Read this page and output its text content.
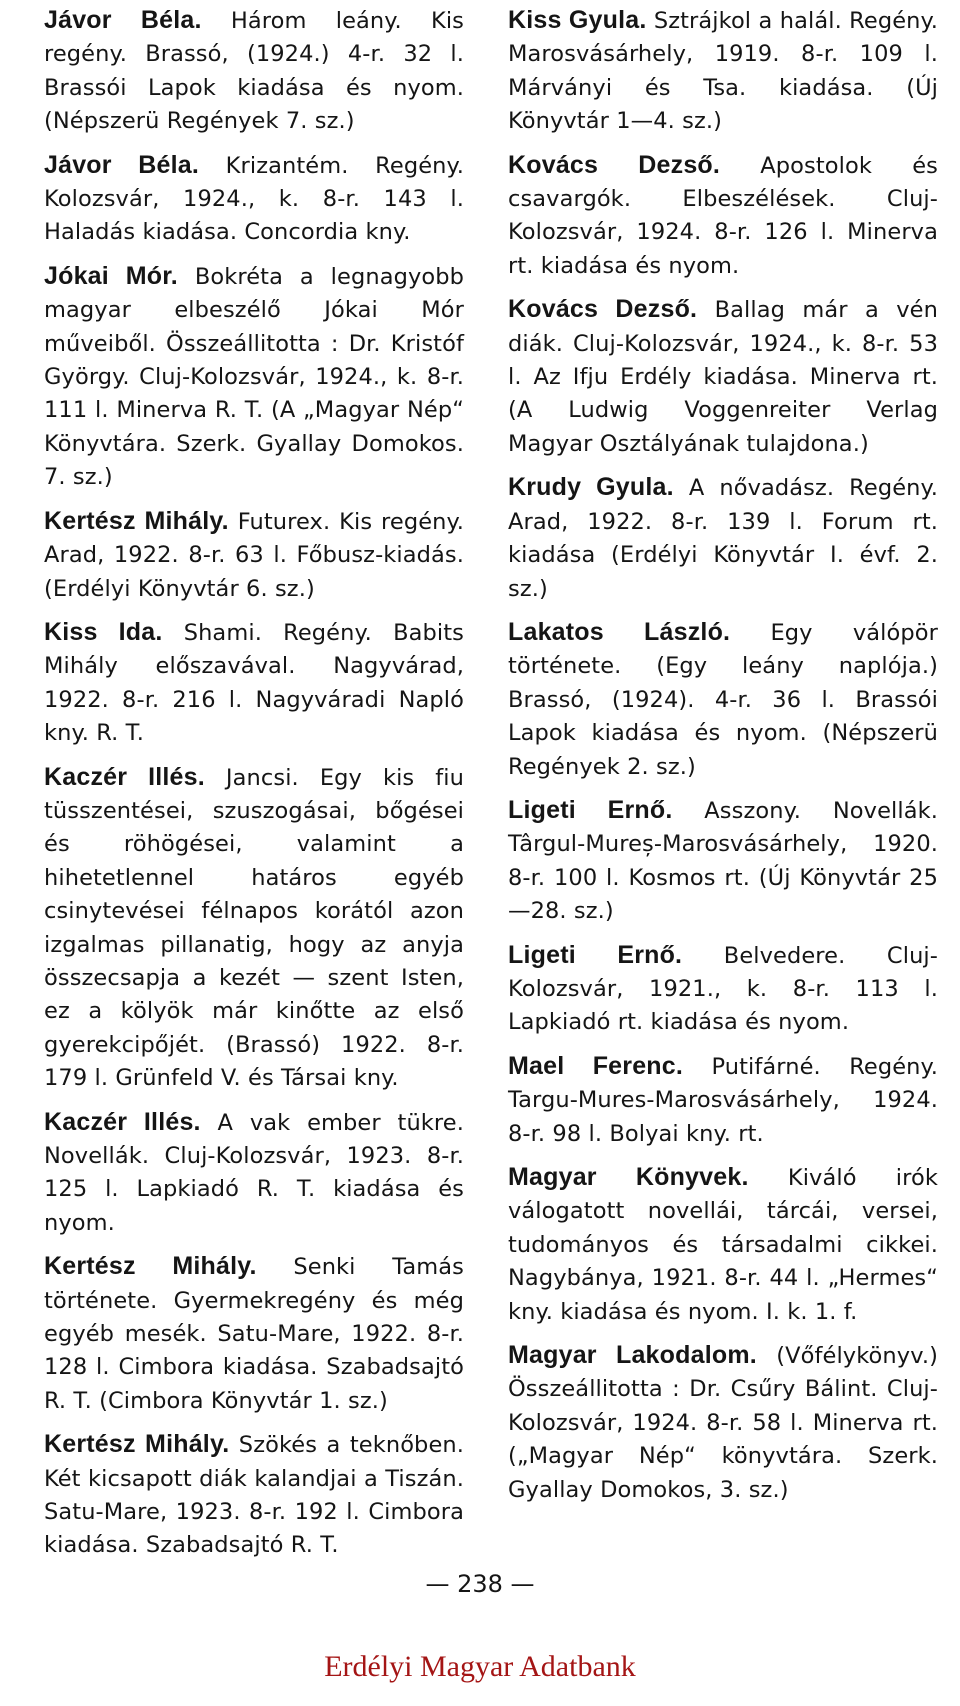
Jávor Béla. Három leány. Kis regény. Brassó, (1924.) 4-r. 32 l. Brassói Lapok kiadása és nyom. (Népszerü Regények 7. sz.)

Jávor Béla. Krizantém. Regény. Kolozsvár, 1924., k. 8-r. 143 l. Haladás kiadása. Concordia kny.

Jókai Mór. Bokréta a legnagyobb magyar elbeszélő Jókai Mór műveiből. Összeállitotta : Dr. Kristóf György. Cluj-Kolozsvár, 1924., k. 8-r. 111 l. Minerva R. T. (A „Magyar Nép“ Könyvtára. Szerk. Gyallay Domokos. 7. sz.)

Kertész Mihály. Futurex. Kis regény. Arad, 1922. 8-r. 63 l. Főbusz-kiadás. (Erdélyi Könyvtár 6. sz.)

Kiss Ida. Shami. Regény. Babits Mihály előszavával. Nagyvárad, 1922. 8-r. 216 l. Nagyváradi Napló kny. R. T.

Kaczér Illés. Jancsi. Egy kis fiu tüsszentései, szuszogásai, bőgései és röhögései, valamint a hihetetlennel határos egyéb csinytevései félnapos korától azon izgalmas pillanatig, hogy az anyja összecsapja a kezét — szent Isten, ez a kölyök már kinőtte az első gyerekcipőjét. (Brassó) 1922. 8-r. 179 l. Grünfeld V. és Társai kny.

Kaczér Illés. A vak ember tükre. Novellák. Cluj-Kolozsvár, 1923. 8-r. 125 l. Lapkiadó R. T. kiadása és nyom.

Kertész Mihály. Senki Tamás története. Gyermekregény és még egyéb mesék. Satu-Mare, 1922. 8-r. 128 l. Cimbora kiadása. Szabadsajtó R. T. (Cimbora Könyvtár 1. sz.)

Kertész Mihály. Szökés a teknőben. Két kicsapott diák kalandjai a Tiszán. Satu-Mare, 1923. 8-r. 192 l. Cimbora kiadása. Szabadsajtó R. T.

Kiss Gyula. Sztrájkol a halál. Regény. Marosvásárhely, 1919. 8-r. 109 l. Márványi és Tsa. kiadása. (Új Könyvtár 1—4. sz.)

Kovács Dezső. Apostolok és csavargók. Elbeszélések. Cluj-Kolozsvár, 1924. 8-r. 126 l. Minerva rt. kiadása és nyom.

Kovács Dezső. Ballag már a vén diák. Cluj-Kolozsvár, 1924., k. 8-r. 53 l. Az Ifju Erdély kiadása. Minerva rt. (A Ludwig Voggenreiter Verlag Magyar Osztályának tulajdona.)

Krudy Gyula. A nővadász. Regény. Arad, 1922. 8-r. 139 l. Forum rt. kiadása (Erdélyi Könyvtár I. évf. 2. sz.)

Lakatos László. Egy válópör története. (Egy leány naplója.) Brassó, (1924). 4-r. 36 l. Brassói Lapok kiadása és nyom. (Népszerü Regények 2. sz.)

Ligeti Ernő. Asszony. Novellák. Târgul-Mureș-Marosvásárhely, 1920. 8-r. 100 l. Kosmos rt. (Új Könyvtár 25—28. sz.)

Ligeti Ernő. Belvedere. Cluj-Kolozsvár, 1921., k. 8-r. 113 l. Lapkiadó rt. kiadása és nyom.

Mael Ferenc. Putifárné. Regény. Targu-Mures-Marosvásárhely, 1924. 8-r. 98 l. Bolyai kny. rt.

Magyar Könyvek. Kiváló irók válogatott novellái, tárcái, versei, tudományos és társadalmi cikkei. Nagybánya, 1921. 8-r. 44 l. „Hermes“ kny. kiadása és nyom. I. k. 1. f.

Magyar Lakodalom. (Vőfélykönyv.) Összeállitotta : Dr. Csűry Bálint. Cluj-Kolozsvár, 1924. 8-r. 58 l. Minerva rt. („Magyar Nép“ könyvtára. Szerk. Gyallay Domokos, 3. sz.)

— 238 —
Erdélyi Magyar Adatbank
